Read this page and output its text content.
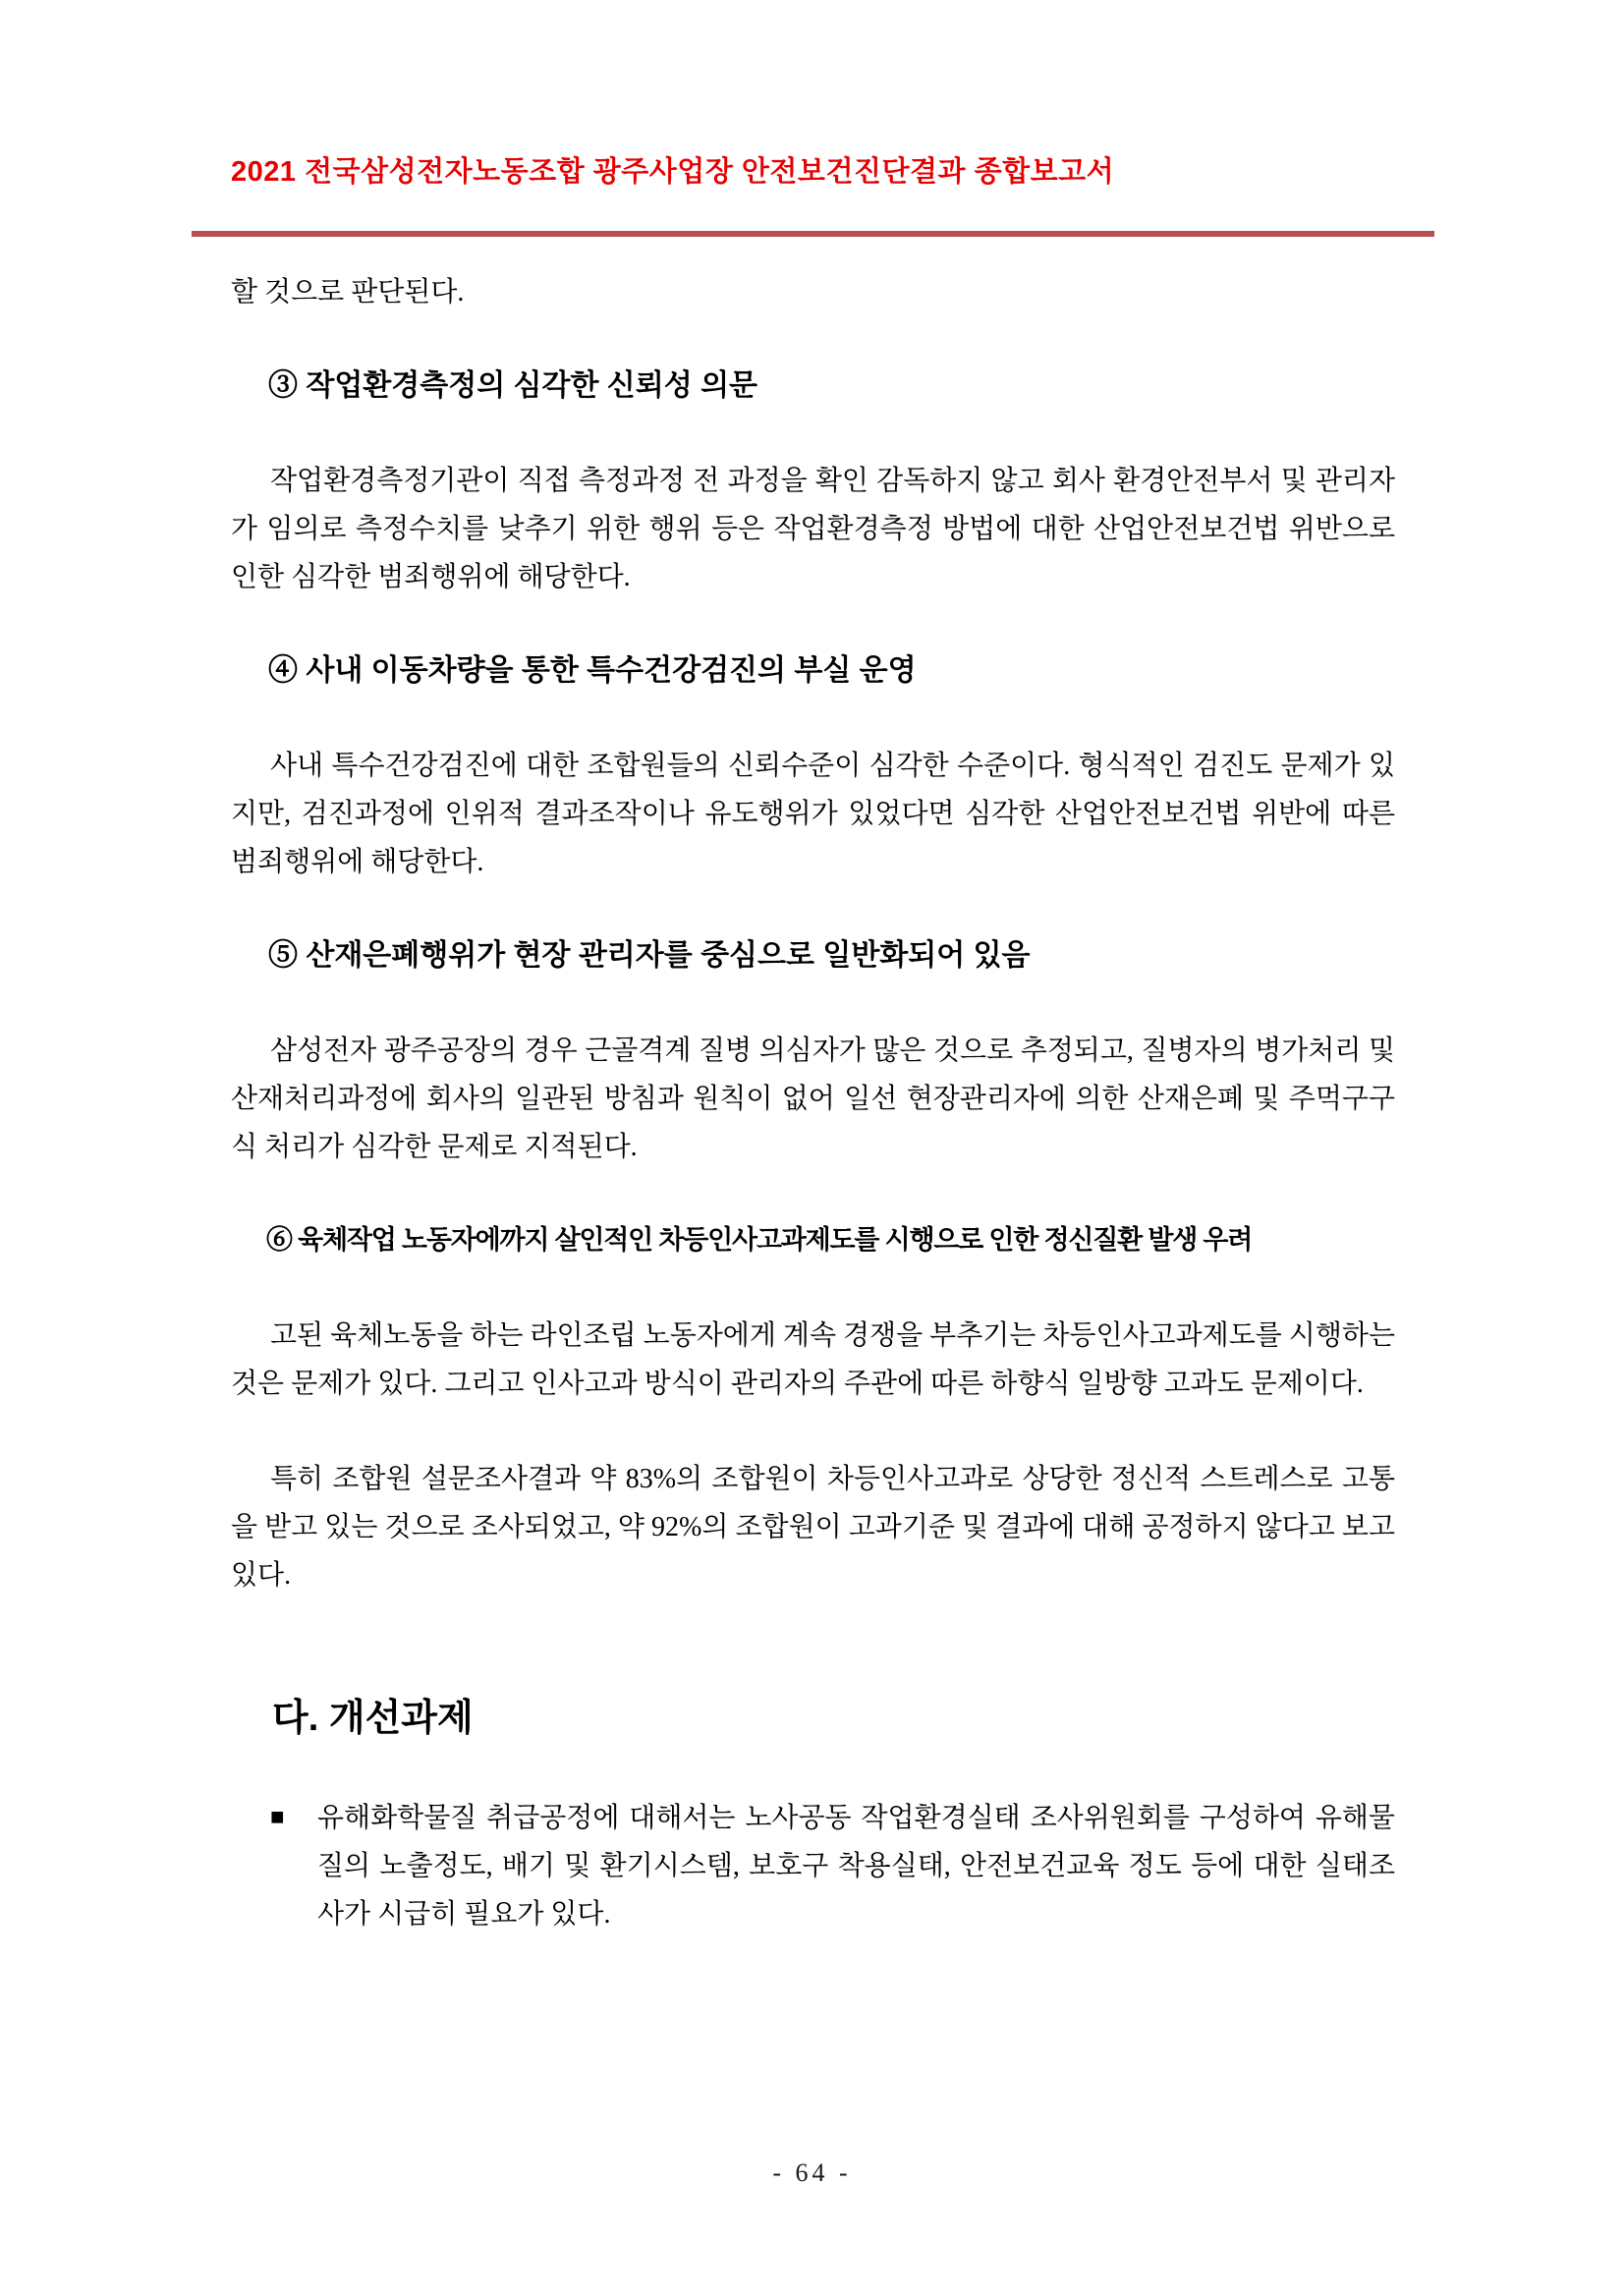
2021 전국삼성전자노동조합 광주사업장 안전보건진단결과 종합보고서

할 것으로 판단된다.

③ 작업환경측정의 심각한 신뢰성 의문

작업환경측정기관이 직접 측정과정 전 과정을 확인 감독하지 않고 회사 환경안전부서 및 관리자가 임의로 측정수치를 낮추기 위한 행위 등은 작업환경측정 방법에 대한 산업안전보건법 위반으로 인한 심각한 범죄행위에 해당한다.

④ 사내 이동차량을 통한 특수건강검진의 부실 운영

사내 특수건강검진에 대한 조합원들의 신뢰수준이 심각한 수준이다. 형식적인 검진도 문제가 있지만, 검진과정에 인위적 결과조작이나 유도행위가 있었다면 심각한 산업안전보건법 위반에 따른 범죄행위에 해당한다.

⑤ 산재은폐행위가 현장 관리자를 중심으로 일반화되어 있음

삼성전자 광주공장의 경우 근골격계 질병 의심자가 많은 것으로 추정되고, 질병자의 병가처리 및 산재처리과정에 회사의 일관된 방침과 원칙이 없어 일선 현장관리자에 의한 산재은폐 및 주먹구구식 처리가 심각한 문제로 지적된다.

⑥ 육체작업 노동자에까지 살인적인 차등인사고과제도를 시행으로 인한 정신질환 발생 우려

고된 육체노동을 하는 라인조립 노동자에게 계속 경쟁을 부추기는 차등인사고과제도를 시행하는 것은 문제가 있다. 그리고 인사고과 방식이 관리자의 주관에 따른 하향식 일방향 고과도 문제이다.

특히 조합원 설문조사결과 약 83%의 조합원이 차등인사고과로 상당한 정신적 스트레스로 고통을 받고 있는 것으로 조사되었고, 약 92%의 조합원이 고과기준 및 결과에 대해 공정하지 않다고 보고 있다.

다. 개선과제
■	유해화학물질 취급공정에 대해서는 노사공동 작업환경실태 조사위원회를 구성하여 유해물질의 노출정도, 배기 및 환기시스템, 보호구 착용실태, 안전보건교육 정도 등에 대한 실태조사가 시급히 필요가 있다.

- 64 -
